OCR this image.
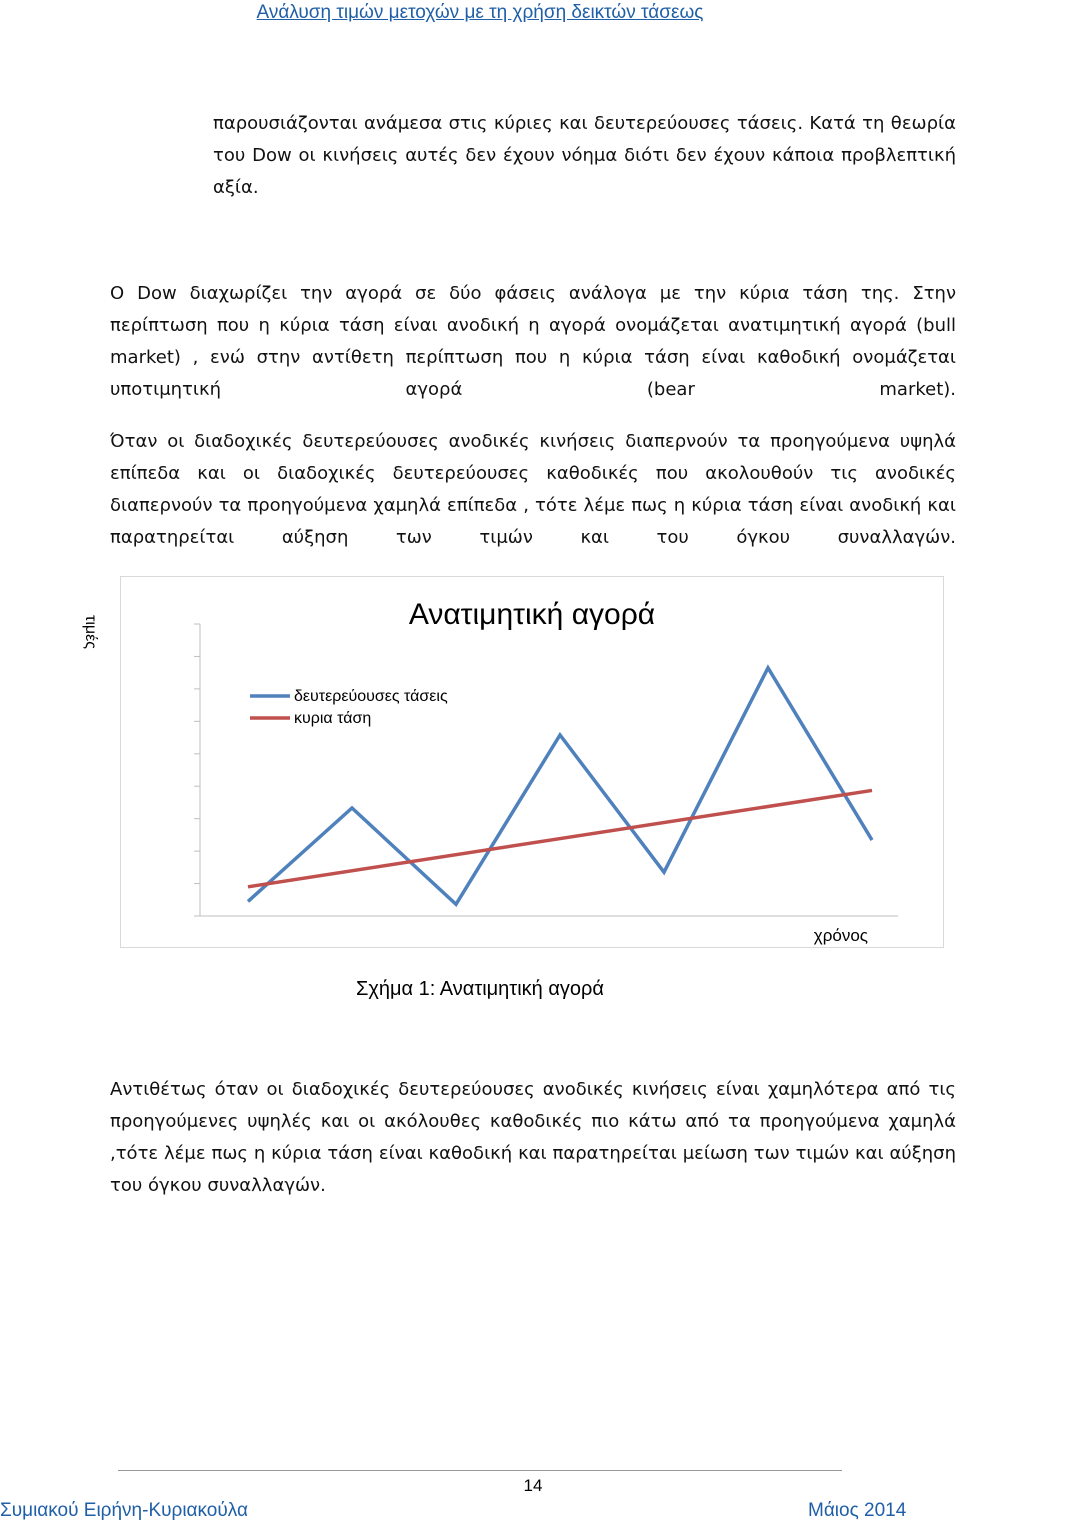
Ανάλυση τιμών μετοχών με τη χρήση δεικτών τάσεως
παρουσιάζονται ανάμεσα στις κύριες και δευτερεύουσες τάσεις. Κατά τη θεωρία του Dow οι κινήσεις αυτές δεν έχουν νόημα διότι δεν έχουν κάποια προβλεπτική αξία.
Ο Dow διαχωρίζει την αγορά σε δύο φάσεις ανάλογα με την κύρια τάση της. Στην περίπτωση που η κύρια τάση είναι ανοδική η αγορά ονομάζεται ανατιμητική αγορά (bull market) , ενώ στην αντίθετη περίπτωση που η κύρια τάση είναι καθοδική ονομάζεται υποτιμητική αγορά (bear market).
Όταν οι διαδοχικές δευτερεύουσες ανοδικές κινήσεις διαπερνούν τα προηγούμενα υψηλά επίπεδα και οι διαδοχικές δευτερεύουσες καθοδικές που ακολουθούν τις ανοδικές διαπερνούν τα προηγούμενα χαμηλά επίπεδα , τότε λέμε πως η κύρια τάση είναι ανοδική και παρατηρείται αύξηση των τιμών και του όγκου συναλλαγών.
Ανατιμητική αγορά
τιμές
χρόνος
δευτερεύουσες τάσεις
κυρια τάση
Σχήμα 1: Ανατιμητική αγορά
Αντιθέτως όταν οι διαδοχικές δευτερεύουσες ανοδικές κινήσεις είναι χαμηλότερα από τις προηγούμενες υψηλές και οι ακόλουθες καθοδικές πιο κάτω από τα προηγούμενα χαμηλά ,τότε λέμε πως η κύρια τάση είναι καθοδική και παρατηρείται μείωση των τιμών και αύξηση του όγκου συναλλαγών.
14
Συμιακού Ειρήνη-Κυριακούλα	Μάιος 2014
